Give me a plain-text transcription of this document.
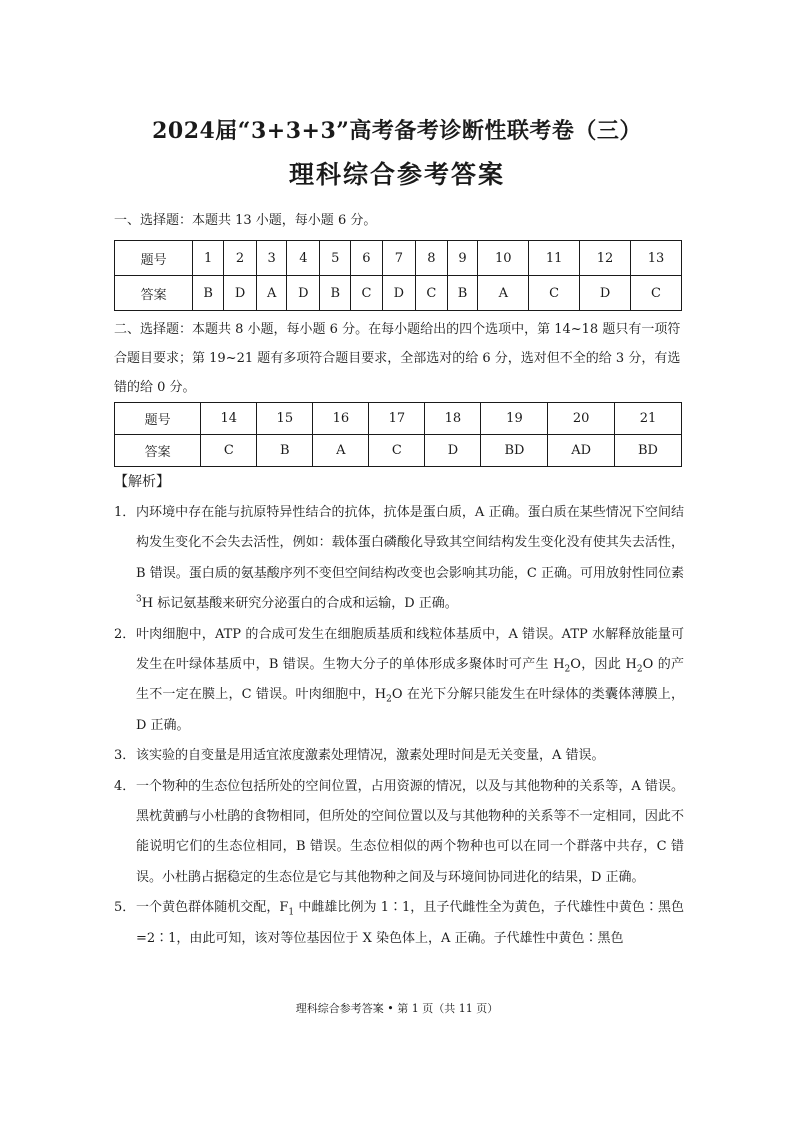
2024届“3+3+3”高考备考诊断性联考卷（三）
理科综合参考答案
一、选择题：本题共 13 小题，每小题 6 分。
题号	1	2	3	4	5	6	7	8	9	10	11	12	13
答案	B	D	A	D	B	C	D	C	B	A	C	D	C
二、选择题：本题共 8 小题，每小题 6 分。在每小题给出的四个选项中，第 14~18 题只有一项符合题目要求；第 19~21 题有多项符合题目要求，全部选对的给 6 分，选对但不全的给 3 分，有选错的给 0 分。
题号	14	15	16	17	18	19	20	21
答案	C	B	A	C	D	BD	AD	BD
【解析】
1． 内环境中存在能与抗原特异性结合的抗体，抗体是蛋白质，A 正确。蛋白质在某些情况下空间结构发生变化不会失去活性，例如：载体蛋白磷酸化导致其空间结构发生变化没有使其失去活性，B 错误。蛋白质的氨基酸序列不变但空间结构改变也会影响其功能，C 正确。可用放射性同位素 $^3$H 标记氨基酸来研究分泌蛋白的合成和运输，D 正确。
2． 叶肉细胞中，ATP 的合成可发生在细胞质基质和线粒体基质中，A 错误。ATP 水解释放能量可发生在叶绿体基质中，B 错误。生物大分子的单体形成多聚体时可产生 $H_2O$，因此 $H_2O$ 的产生不一定在膜上，C 错误。叶肉细胞中，$H_2O$ 在光下分解只能发生在叶绿体的类囊体薄膜上，D 正确。
3． 该实验的自变量是用适宜浓度激素处理情况，激素处理时间是无关变量，A 错误。
4． 一个物种的生态位包括所处的空间位置，占用资源的情况，以及与其他物种的关系等，A 错误。黑枕黄鹂与小杜鹃的食物相同，但所处的空间位置以及与其他物种的关系等不一定相同，因此不能说明它们的生态位相同，B 错误。生态位相似的两个物种也可以在同一个群落中共存，C 错误。小杜鹃占据稳定的生态位是它与其他物种之间及与环境间协同进化的结果，D 正确。
5． 一个黄色群体随机交配，$F_1$ 中雌雄比例为 1∶1，且子代雌性全为黄色，子代雄性中黄色∶黑色=2∶1，由此可知，该对等位基因位于 X 染色体上，A 正确。子代雄性中黄色∶黑色
理科综合参考答案 • 第 1 页（共 11 页）
